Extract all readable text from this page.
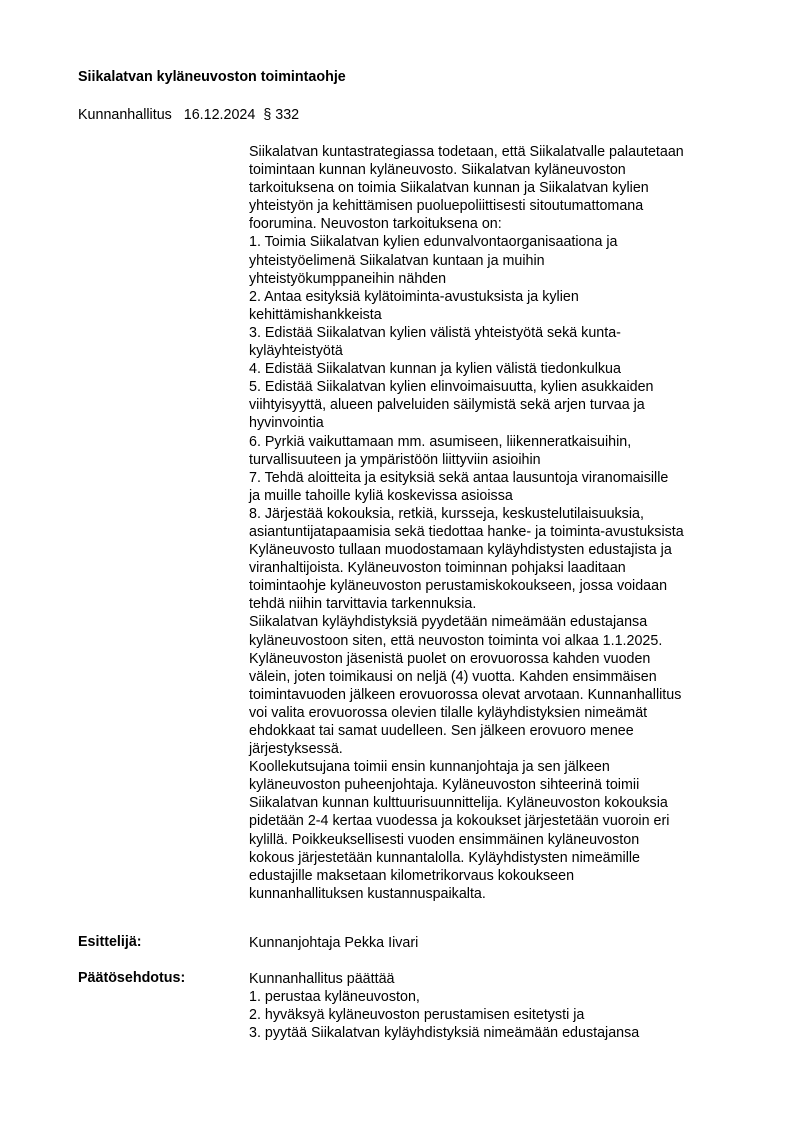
Siikalatvan kyläneuvoston toimintaohje
Kunnanhallitus 16.12.2024 § 332
Siikalatvan kuntastrategiassa todetaan, että Siikalatvalle palautetaan
toimintaan kunnan kyläneuvosto. Siikalatvan kyläneuvoston
tarkoituksena on toimia Siikalatvan kunnan ja Siikalatvan kylien
yhteistyön ja kehittämisen puoluepoliittisesti sitoutumattomana
foorumina. Neuvoston tarkoituksena on:
1. Toimia Siikalatvan kylien edunvalvontaorganisaationa ja
yhteistyöelimenä Siikalatvan kuntaan ja muihin
yhteistyökumppaneihin nähden
2. Antaa esityksiä kylätoiminta-avustuksista ja kylien
kehittämishankkeista
3. Edistää Siikalatvan kylien välistä yhteistyötä sekä kunta-
kyläyhteistyötä
4. Edistää Siikalatvan kunnan ja kylien välistä tiedonkulkua
5. Edistää Siikalatvan kylien elinvoimaisuutta, kylien asukkaiden
viihtyisyyttä, alueen palveluiden säilymistä sekä arjen turvaa ja
hyvinvointia
6. Pyrkiä vaikuttamaan mm. asumiseen, liikenneratkaisuihin,
turvallisuuteen ja ympäristöön liittyviin asioihin
7. Tehdä aloitteita ja esityksiä sekä antaa lausuntoja viranomaisille
ja muille tahoille kyliä koskevissa asioissa
8. Järjestää kokouksia, retkiä, kursseja, keskustelutilaisuuksia,
asiantuntijatapaamisia sekä tiedottaa hanke- ja toiminta-avustuksista
Kyläneuvosto tullaan muodostamaan kyläyhdistysten edustajista ja
viranhaltijoista. Kyläneuvoston toiminnan pohjaksi laaditaan
toimintaohje kyläneuvoston perustamiskokoukseen, jossa voidaan
tehdä niihin tarvittavia tarkennuksia.
Siikalatvan kyläyhdistyksiä pyydetään nimeämään edustajansa
kyläneuvostoon siten, että neuvoston toiminta voi alkaa 1.1.2025.
Kyläneuvoston jäsenistä puolet on erovuorossa kahden vuoden
välein, joten toimikausi on neljä (4) vuotta. Kahden ensimmäisen
toimintavuoden jälkeen erovuorossa olevat arvotaan. Kunnanhallitus
voi valita erovuorossa olevien tilalle kyläyhdistyksien nimeämät
ehdokkaat tai samat uudelleen. Sen jälkeen erovuoro menee
järjestyksessä.
Koollekutsujana toimii ensin kunnanjohtaja ja sen jälkeen
kyläneuvoston puheenjohtaja. Kyläneuvoston sihteerinä toimii
Siikalatvan kunnan kulttuurisuunnittelija. Kyläneuvoston kokouksia
pidetään 2-4 kertaa vuodessa ja kokoukset järjestetään vuoroin eri
kylillä. Poikkeuksellisesti vuoden ensimmäinen kyläneuvoston
kokous järjestetään kunnantalolla. Kyläyhdistysten nimeämille
edustajille maksetaan kilometrikorvaus kokoukseen
kunnanhallituksen kustannuspaikalta.
Esittelijä:	Kunnanjohtaja Pekka Iivari
Päätösehdotus:	Kunnanhallitus päättää
1. perustaa kyläneuvoston,
2. hyväksyä kyläneuvoston perustamisen esitetysti ja
3. pyytää Siikalatvan kyläyhdistyksiä nimeämään edustajansa
